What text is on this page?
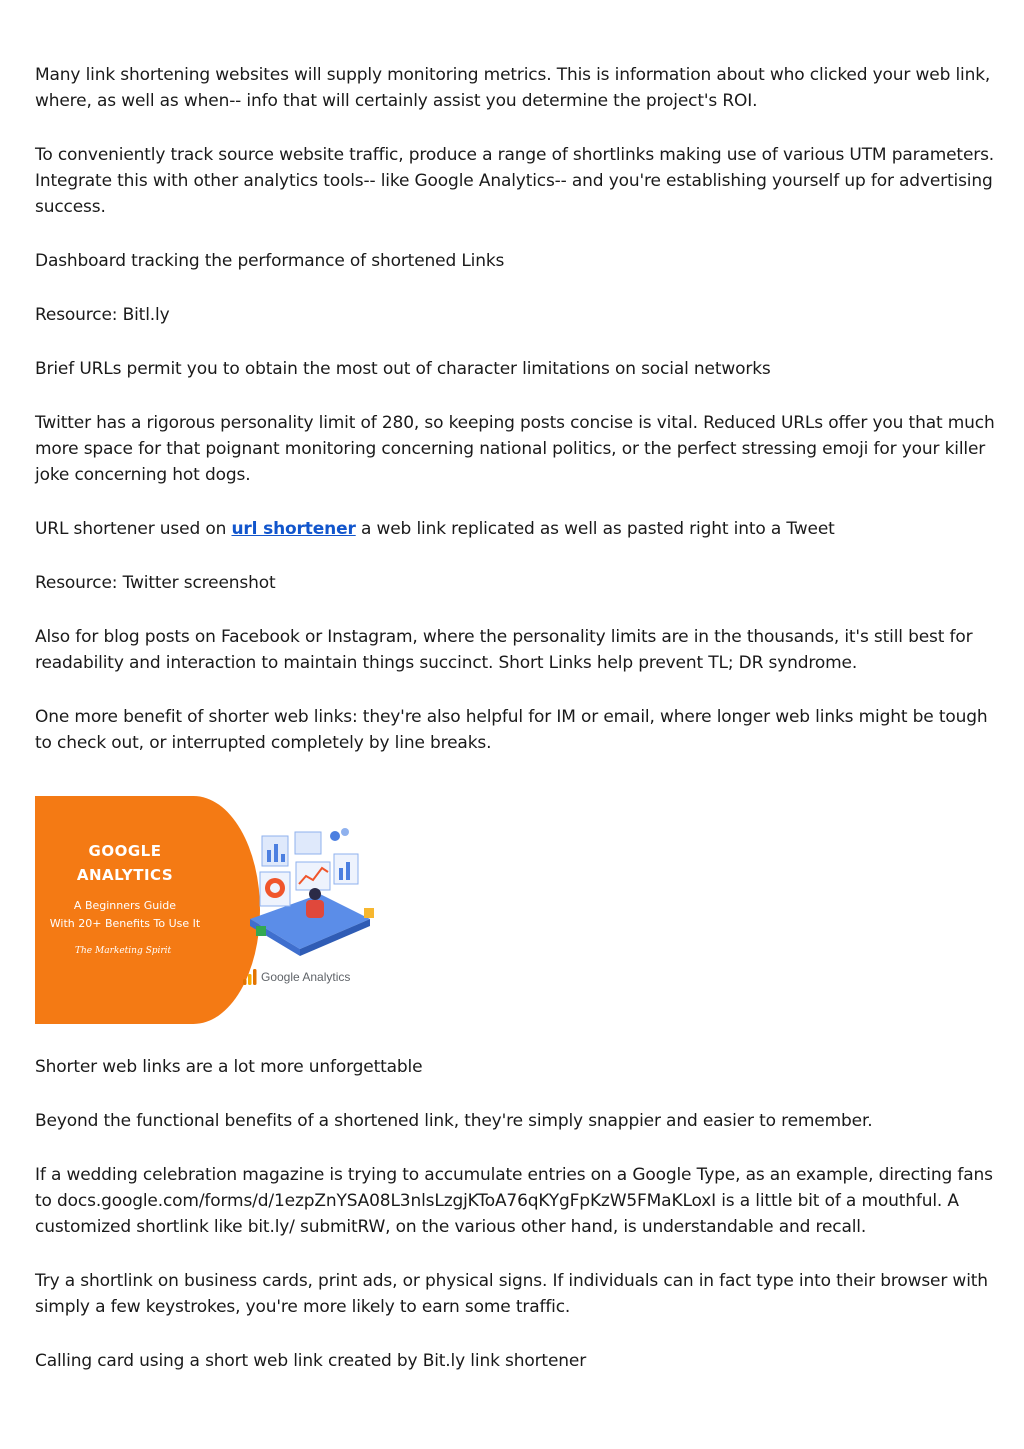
Many link shortening websites will supply monitoring metrics. This is information about who clicked your web link, where, as well as when-- info that will certainly assist you determine the project's ROI.

To conveniently track source website traffic, produce a range of shortlinks making use of various UTM parameters. Integrate this with other analytics tools-- like Google Analytics-- and you're establishing yourself up for advertising success.

Dashboard tracking the performance of shortened Links

Resource: Bitl.ly

Brief URLs permit you to obtain the most out of character limitations on social networks

Twitter has a rigorous personality limit of 280, so keeping posts concise is vital. Reduced URLs offer you that much more space for that poignant monitoring concerning national politics, or the perfect stressing emoji for your killer joke concerning hot dogs.

URL shortener used on url shortener a web link replicated as well as pasted right into a Tweet

Resource: Twitter screenshot

Also for blog posts on Facebook or Instagram, where the personality limits are in the thousands, it's still best for readability and interaction to maintain things succinct. Short Links help prevent TL; DR syndrome.

One more benefit of shorter web links: they're also helpful for IM or email, where longer web links might be tough to check out, or interrupted completely by line breaks.

GOOGLE
ANALYTICS
A Beginners Guide
With 20+ Benefits To Use It
The Marketing Spirit
Google Analytics

Shorter web links are a lot more unforgettable

Beyond the functional benefits of a shortened link, they're simply snappier and easier to remember.

If a wedding celebration magazine is trying to accumulate entries on a Google Type, as an example, directing fans to docs.google.com/forms/d/1ezpZnYSA08L3nlsLzgjKToA76qKYgFpKzW5FMaKLoxI is a little bit of a mouthful. A customized shortlink like bit.ly/ submitRW, on the various other hand, is understandable and recall.

Try a shortlink on business cards, print ads, or physical signs. If individuals can in fact type into their browser with simply a few keystrokes, you're more likely to earn some traffic.

Calling card using a short web link created by Bit.ly link shortener
